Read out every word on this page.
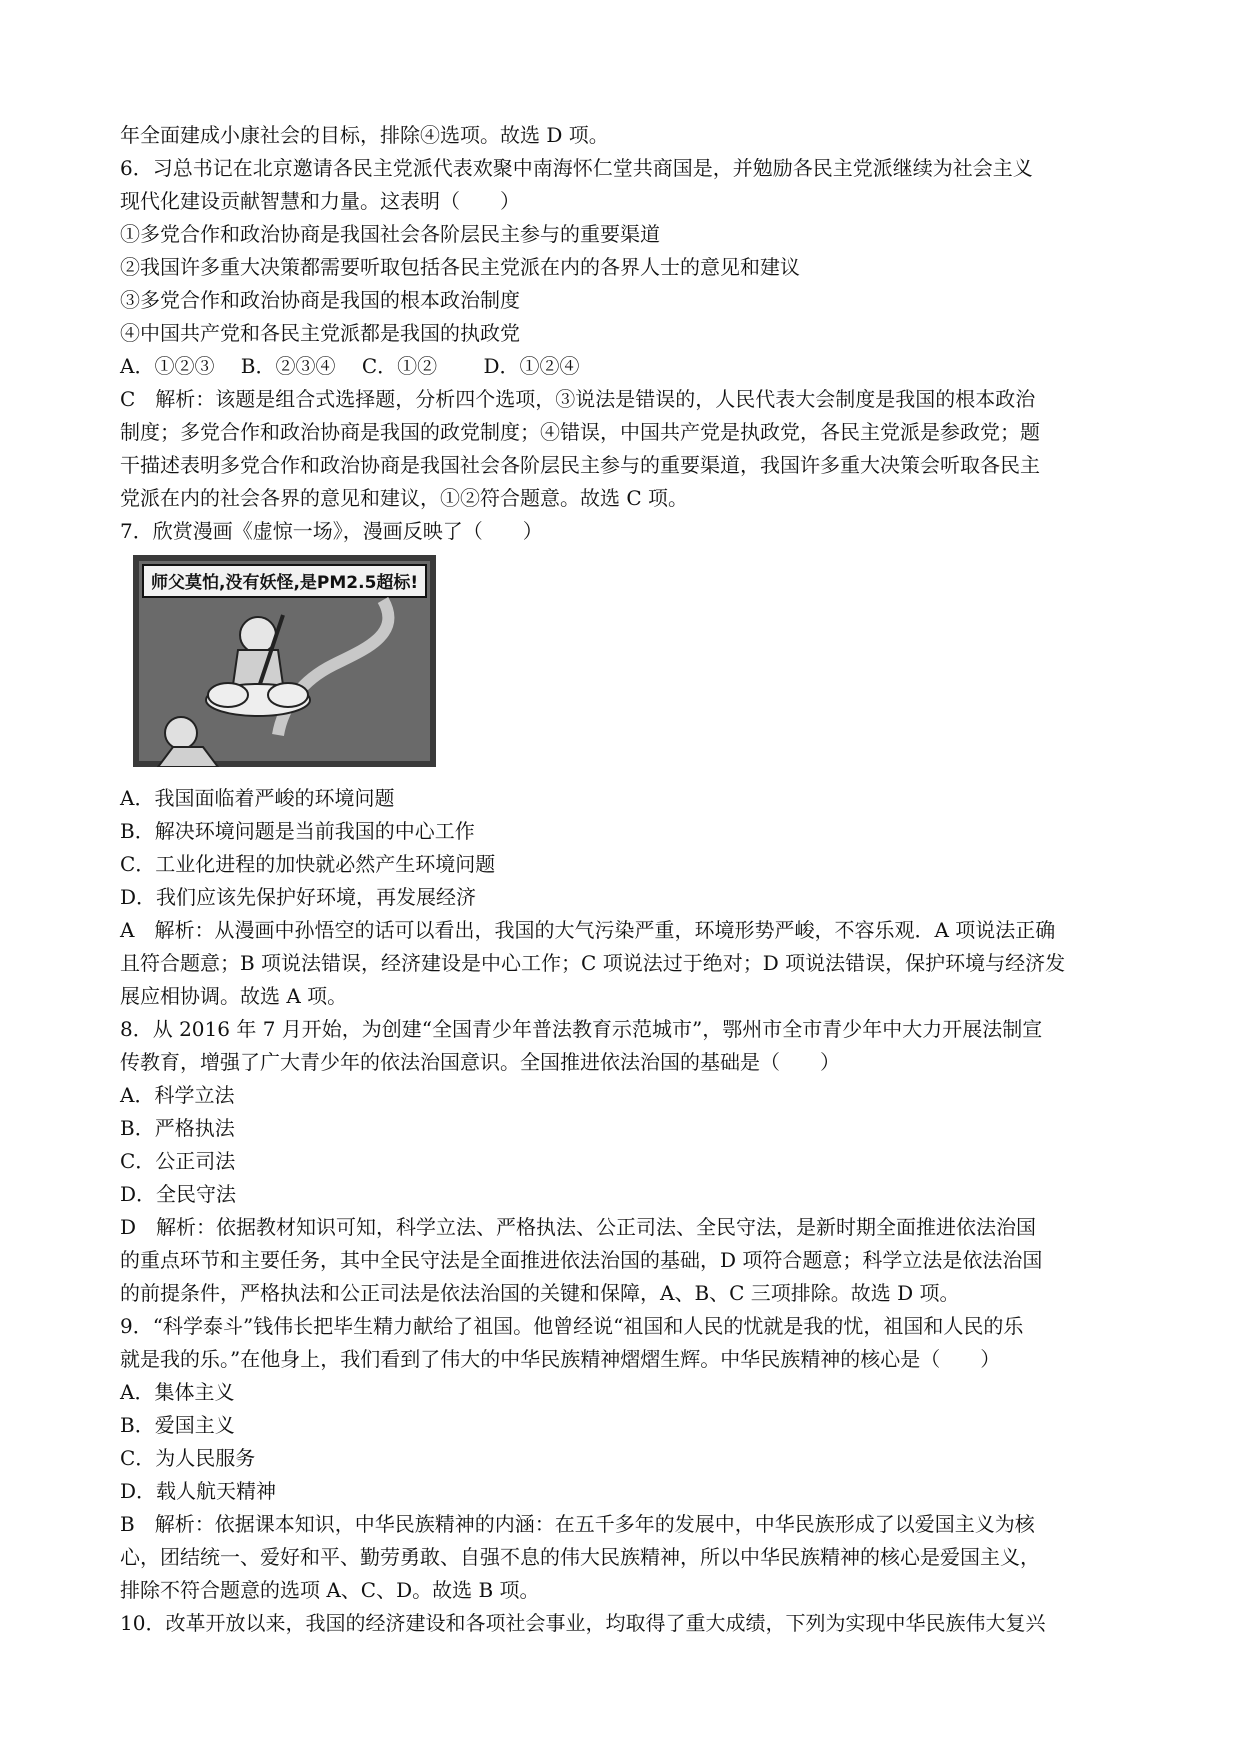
年全面建成小康社会的目标，排除④选项。故选 D 项。
6．习总书记在北京邀请各民主党派代表欢聚中南海怀仁堂共商国是，并勉励各民主党派继续为社会主义
现代化建设贡献智慧和力量。这表明（　　）
①多党合作和政治协商是我国社会各阶层民主参与的重要渠道
②我国许多重大决策都需要听取包括各民主党派在内的各界人士的意见和建议
③多党合作和政治协商是我国的根本政治制度
④中国共产党和各民主党派都是我国的执政党
A．①②③　 B．②③④　 C．①②　　 D．①②④
C　解析：该题是组合式选择题，分析四个选项，③说法是错误的，人民代表大会制度是我国的根本政治
制度；多党合作和政治协商是我国的政党制度；④错误，中国共产党是执政党，各民主党派是参政党；题
干描述表明多党合作和政治协商是我国社会各阶层民主参与的重要渠道，我国许多重大决策会听取各民主
党派在内的社会各界的意见和建议，①②符合题意。故选 C 项。
7．欣赏漫画《虚惊一场》，漫画反映了（　　）
师父莫怕,没有妖怪,是PM2.5超标!
A．我国面临着严峻的环境问题
B．解决环境问题是当前我国的中心工作
C．工业化进程的加快就必然产生环境问题
D．我们应该先保护好环境，再发展经济
A　解析：从漫画中孙悟空的话可以看出，我国的大气污染严重，环境形势严峻，不容乐观．A 项说法正确
且符合题意；B 项说法错误，经济建设是中心工作；C 项说法过于绝对；D 项说法错误，保护环境与经济发
展应相协调。故选 A 项。
8．从 2016 年 7 月开始，为创建“全国青少年普法教育示范城市”，鄂州市全市青少年中大力开展法制宣
传教育，增强了广大青少年的依法治国意识。全国推进依法治国的基础是（　　）
A．科学立法
B．严格执法
C．公正司法
D．全民守法
D　解析：依据教材知识可知，科学立法、严格执法、公正司法、全民守法，是新时期全面推进依法治国
的重点环节和主要任务，其中全民守法是全面推进依法治国的基础，D 项符合题意；科学立法是依法治国
的前提条件，严格执法和公正司法是依法治国的关键和保障，A、B、C 三项排除。故选 D 项。
9．“科学泰斗”钱伟长把毕生精力献给了祖国。他曾经说“祖国和人民的忧就是我的忧，祖国和人民的乐
就是我的乐。”在他身上，我们看到了伟大的中华民族精神熠熠生辉。中华民族精神的核心是（　　）
A．集体主义
B．爱国主义
C．为人民服务
D．载人航天精神
B　解析：依据课本知识，中华民族精神的内涵：在五千多年的发展中，中华民族形成了以爱国主义为核
心，团结统一、爱好和平、勤劳勇敢、自强不息的伟大民族精神，所以中华民族精神的核心是爱国主义，
排除不符合题意的选项 A、C、D。故选 B 项。
10．改革开放以来，我国的经济建设和各项社会事业，均取得了重大成绩，下列为实现中华民族伟大复兴
